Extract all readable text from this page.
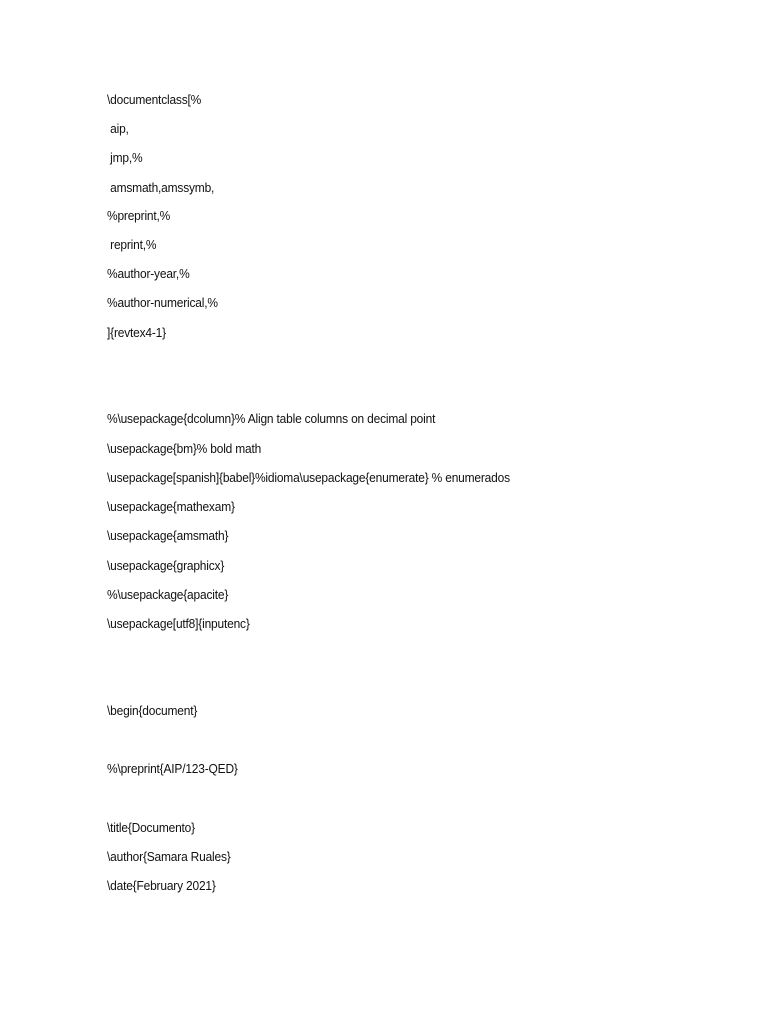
\documentclass[%
aip,
jmp,%
amsmath,amssymb,
%preprint,%
reprint,%
%author-year,%
%author-numerical,%
]{revtex4-1}
%\usepackage{dcolumn}% Align table columns on decimal point
\usepackage{bm}% bold math
\usepackage[spanish]{babel}%idioma\usepackage{enumerate} % enumerados
\usepackage{mathexam}
\usepackage{amsmath}
\usepackage{graphicx}
%\usepackage{apacite}
\usepackage[utf8]{inputenc}
\begin{document}
%\preprint{AIP/123-QED}
\title{Documento}
\author{Samara Ruales}
\date{February 2021}
